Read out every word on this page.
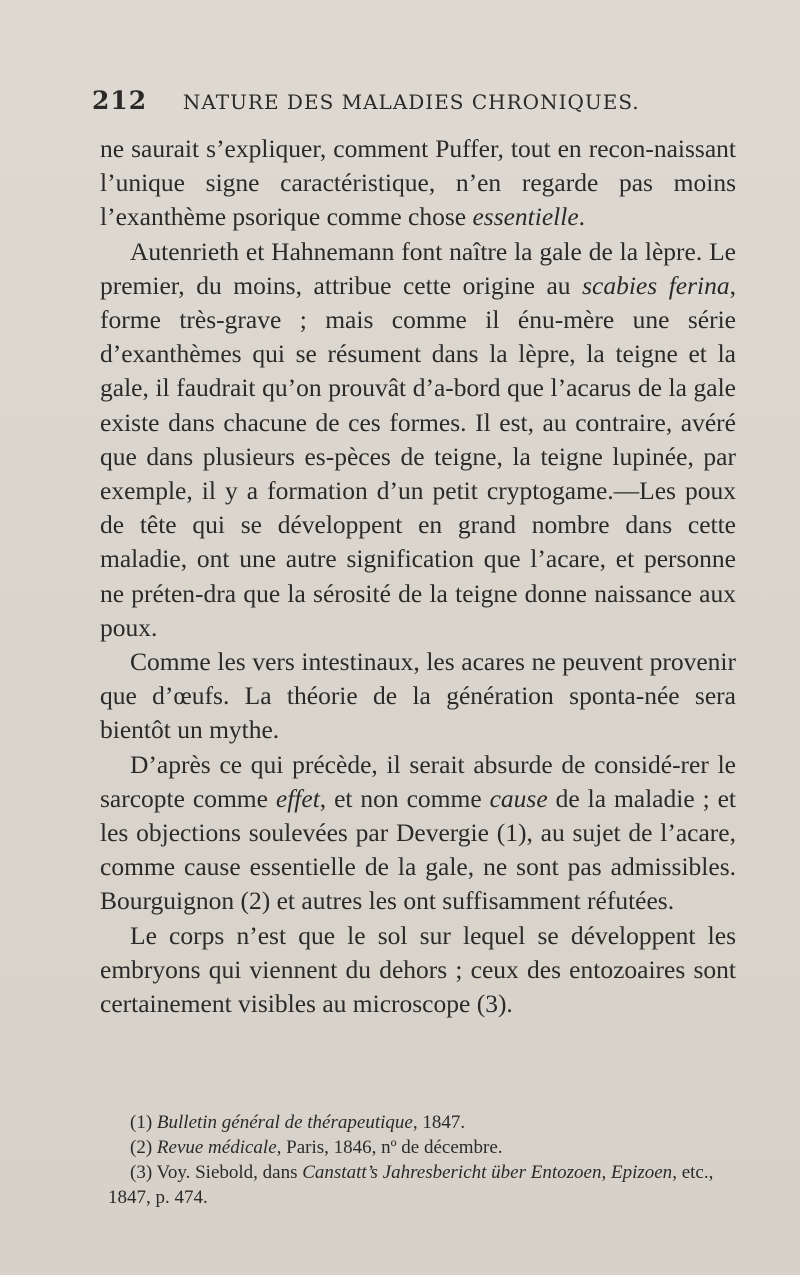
212 NATURE DES MALADIES CHRONIQUES.

ne saurait s’expliquer, comment Puffer, tout en recon-naissant l’unique signe caractéristique, n’en regarde pas moins l’exanthème psorique comme chose essentielle.

Autenrieth et Hahnemann font naître la gale de la lèpre. Le premier, du moins, attribue cette origine au scabies ferina, forme très-grave ; mais comme il énu-mère une série d’exanthèmes qui se résument dans la lèpre, la teigne et la gale, il faudrait qu’on prouvât d’a-bord que l’acarus de la gale existe dans chacune de ces formes. Il est, au contraire, avéré que dans plusieurs es-pèces de teigne, la teigne lupinée, par exemple, il y a formation d’un petit cryptogame.—Les poux de tête qui se développent en grand nombre dans cette maladie, ont une autre signification que l’acare, et personne ne préten-dra que la sérosité de la teigne donne naissance aux poux.

Comme les vers intestinaux, les acares ne peuvent provenir que d’œufs. La théorie de la génération sponta-née sera bientôt un mythe.

D’après ce qui précède, il serait absurde de considé-rer le sarcopte comme effet, et non comme cause de la maladie ; et les objections soulevées par Devergie (1), au sujet de l’acare, comme cause essentielle de la gale, ne sont pas admissibles. Bourguignon (2) et autres les ont suffisamment réfutées.

Le corps n’est que le sol sur lequel se développent les embryons qui viennent du dehors ; ceux des entozoaires sont certainement visibles au microscope (3).

(1) Bulletin général de thérapeutique, 1847.

(2) Revue médicale, Paris, 1846, nº de décembre.

(3) Voy. Siebold, dans Canstatt’s Jahresbericht über Entozoen, Epizoen, etc., 1847, p. 474.
